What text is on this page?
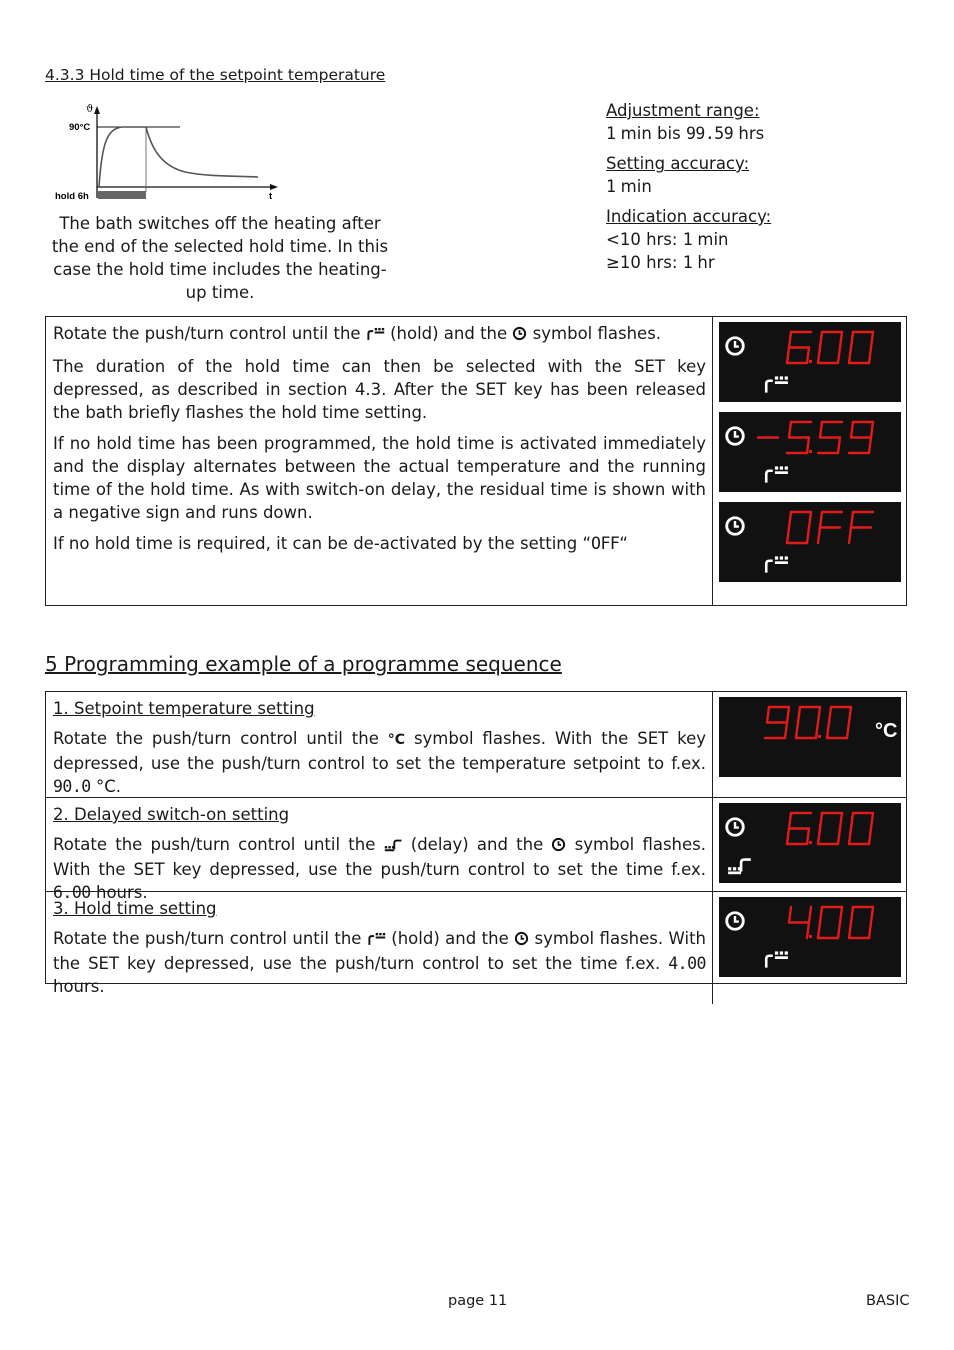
4.3.3 Hold time of the setpoint temperature
ϑ
90°C
t
hold 6h
The bath switches off the heating after the end of the selected hold time. In this case the hold time includes the heating-up time.
Adjustment range:
1 min bis 99.59 hrs
Setting accuracy:
1 min
Indication accuracy:
<10 hrs: 1 min
≥10 hrs: 1 hr

Rotate the push/turn control until the  (hold) and the  symbol flashes.

The duration of the hold time can then be selected with the SET key depressed, as described in section 4.3. After the SET key has been released the bath briefly flashes the hold time setting.

If no hold time has been programmed, the hold time is activated immediately and the display alternates between the actual temperature and the running time of the hold time. As with switch-on delay, the residual time is shown with a negative sign and runs down.

If no hold time is required, it can be de-activated by the setting “OFF“

5 Programming example of a programme sequence

1. Setpoint temperature setting

Rotate the push/turn control until the °C symbol flashes. With the SET key depressed, use the push/turn control to set the temperature setpoint to f.ex. 90.0 °C.

°C

2. Delayed switch-on setting

Rotate the push/turn control until the  (delay) and the  symbol flashes. With the SET key depressed, use the push/turn control to set the time f.ex. 6.00 hours.

3. Hold time setting

Rotate the push/turn control until the  (hold) and the  symbol flashes. With the SET key depressed, use the push/turn control to set the time f.ex. 4.00 hours.

page 11	BASIC
